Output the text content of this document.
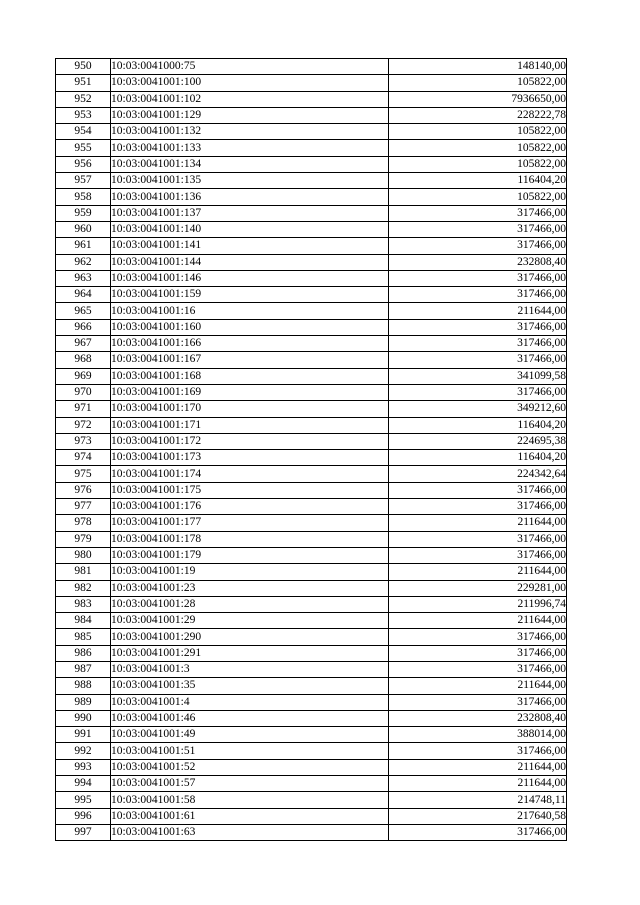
950	10:03:0041000:75	148140,00
951	10:03:0041001:100	105822,00
952	10:03:0041001:102	7936650,00
953	10:03:0041001:129	228222,78
954	10:03:0041001:132	105822,00
955	10:03:0041001:133	105822,00
956	10:03:0041001:134	105822,00
957	10:03:0041001:135	116404,20
958	10:03:0041001:136	105822,00
959	10:03:0041001:137	317466,00
960	10:03:0041001:140	317466,00
961	10:03:0041001:141	317466,00
962	10:03:0041001:144	232808,40
963	10:03:0041001:146	317466,00
964	10:03:0041001:159	317466,00
965	10:03:0041001:16	211644,00
966	10:03:0041001:160	317466,00
967	10:03:0041001:166	317466,00
968	10:03:0041001:167	317466,00
969	10:03:0041001:168	341099,58
970	10:03:0041001:169	317466,00
971	10:03:0041001:170	349212,60
972	10:03:0041001:171	116404,20
973	10:03:0041001:172	224695,38
974	10:03:0041001:173	116404,20
975	10:03:0041001:174	224342,64
976	10:03:0041001:175	317466,00
977	10:03:0041001:176	317466,00
978	10:03:0041001:177	211644,00
979	10:03:0041001:178	317466,00
980	10:03:0041001:179	317466,00
981	10:03:0041001:19	211644,00
982	10:03:0041001:23	229281,00
983	10:03:0041001:28	211996,74
984	10:03:0041001:29	211644,00
985	10:03:0041001:290	317466,00
986	10:03:0041001:291	317466,00
987	10:03:0041001:3	317466,00
988	10:03:0041001:35	211644,00
989	10:03:0041001:4	317466,00
990	10:03:0041001:46	232808,40
991	10:03:0041001:49	388014,00
992	10:03:0041001:51	317466,00
993	10:03:0041001:52	211644,00
994	10:03:0041001:57	211644,00
995	10:03:0041001:58	214748,11
996	10:03:0041001:61	217640,58
997	10:03:0041001:63	317466,00
